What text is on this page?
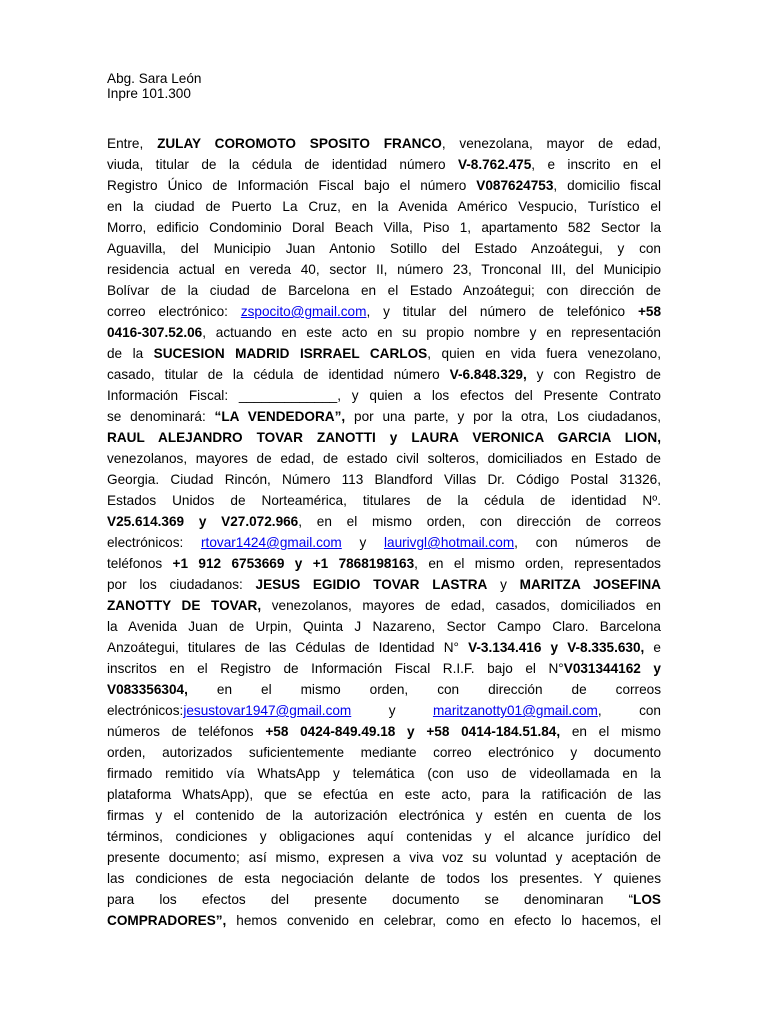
Abg. Sara León
Inpre 101.300
Entre, ZULAY COROMOTO SPOSITO FRANCO, venezolana, mayor de edad,
viuda, titular de la cédula de identidad número V-8.762.475, e inscrito en el
Registro Único de Información Fiscal bajo el número V087624753, domicilio fiscal
en la ciudad de Puerto La Cruz, en la Avenida Américo Vespucio, Turístico el
Morro, edificio Condominio Doral Beach Villa, Piso 1, apartamento 582 Sector la
Aguavilla, del Municipio Juan Antonio Sotillo del Estado Anzoátegui, y con
residencia actual en vereda 40, sector II, número 23, Tronconal III, del Municipio
Bolívar de la ciudad de Barcelona en el Estado Anzoátegui; con dirección de
correo electrónico: zspocito@gmail.com, y titular del número de telefónico +58
0416-307.52.06, actuando en este acto en su propio nombre y en representación
de la SUCESION MADRID ISRRAEL CARLOS, quien en vida fuera venezolano,
casado, titular de la cédula de identidad número V-6.848.329, y con Registro de
Información Fiscal: _____________, y quien a los efectos del Presente Contrato
se denominará: “LA VENDEDORA”, por una parte, y por la otra, Los ciudadanos,
RAUL ALEJANDRO TOVAR ZANOTTI y LAURA VERONICA GARCIA LION,
venezolanos, mayores de edad, de estado civil solteros, domiciliados en Estado de
Georgia. Ciudad Rincón, Número 113 Blandford Villas Dr. Código Postal 31326,
Estados Unidos de Norteamérica, titulares de la cédula de identidad Nº.
V25.614.369 y V27.072.966, en el mismo orden, con dirección de correos
electrónicos: rtovar1424@gmail.com y laurivgl@hotmail.com, con números de
teléfonos +1 912 6753669 y +1 7868198163, en el mismo orden, representados
por los ciudadanos: JESUS EGIDIO TOVAR LASTRA y MARITZA JOSEFINA
ZANOTTY DE TOVAR, venezolanos, mayores de edad, casados, domiciliados en
la Avenida Juan de Urpin, Quinta J Nazareno, Sector Campo Claro. Barcelona
Anzoátegui, titulares de las Cédulas de Identidad N° V-3.134.416 y V-8.335.630, e
inscritos en el Registro de Información Fiscal R.I.F. bajo el N°V031344162 y
V083356304, en el mismo orden, con dirección de correos
electrónicos:jesustovar1947@gmail.com y maritzanotty01@gmail.com, con
números de teléfonos +58 0424-849.49.18 y +58 0414-184.51.84, en el mismo
orden, autorizados suficientemente mediante correo electrónico y documento
firmado remitido vía WhatsApp y telemática (con uso de videollamada en la
plataforma WhatsApp), que se efectúa en este acto, para la ratificación de las
firmas y el contenido de la autorización electrónica y estén en cuenta de los
términos, condiciones y obligaciones aquí contenidas y el alcance jurídico del
presente documento; así mismo, expresen a viva voz su voluntad y aceptación de
las condiciones de esta negociación delante de todos los presentes. Y quienes
para los efectos del presente documento se denominaran “LOS
COMPRADORES”, hemos convenido en celebrar, como en efecto lo hacemos, el
